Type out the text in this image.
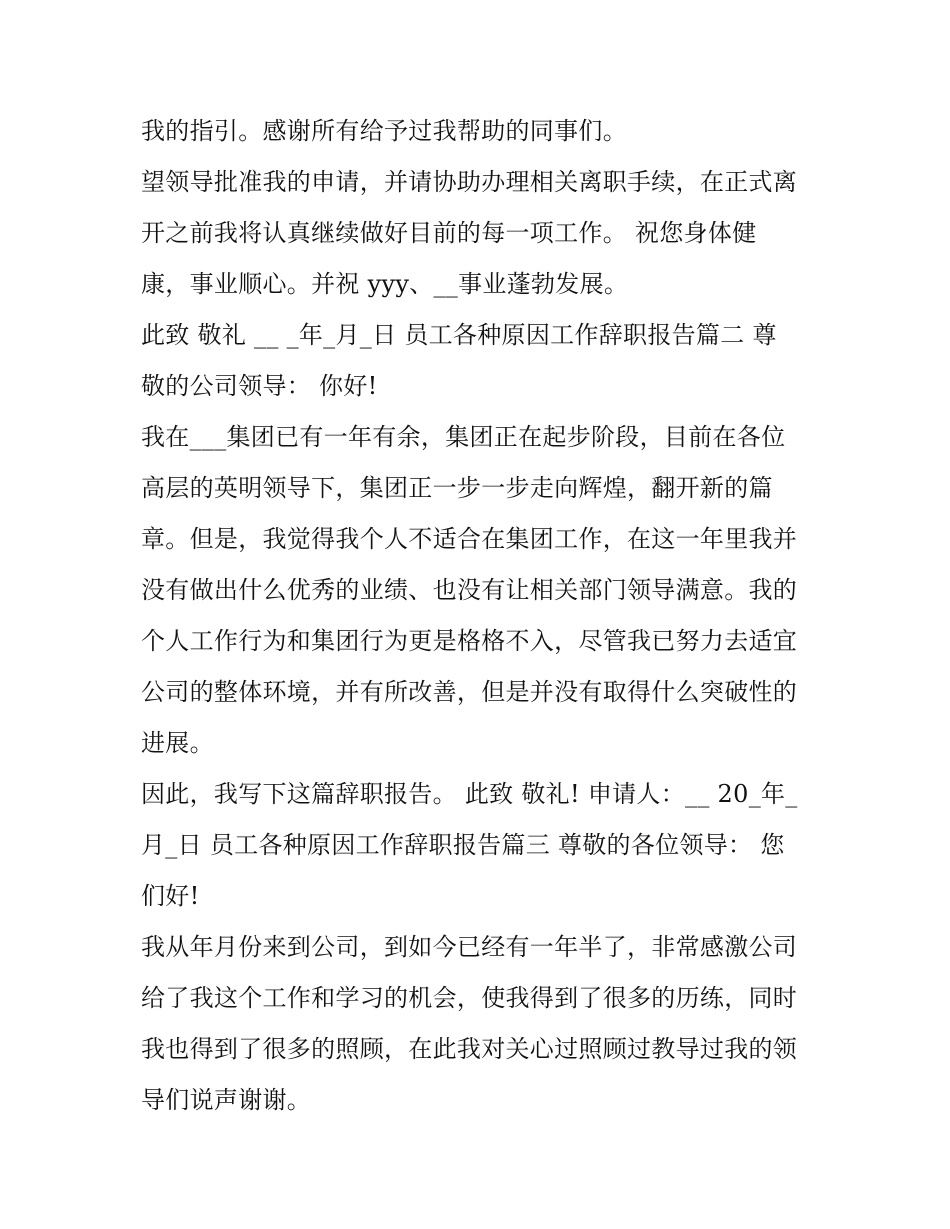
我的指引。感谢所有给予过我帮助的同事们。
望领导批准我的申请，并请协助办理相关离职手续，在正式离
开之前我将认真继续做好目前的每一项工作。 祝您身体健
康，事业顺心。并祝 yyy、__事业蓬勃发展。
此致 敬礼 __ _年_月_日 员工各种原因工作辞职报告篇二 尊
敬的公司领导： 你好!
我在___集团已有一年有余，集团正在起步阶段，目前在各位
高层的英明领导下，集团正一步一步走向辉煌，翻开新的篇
章。但是，我觉得我个人不适合在集团工作，在这一年里我并
没有做出什么优秀的业绩、也没有让相关部门领导满意。我的
个人工作行为和集团行为更是格格不入，尽管我已努力去适宜
公司的整体环境，并有所改善，但是并没有取得什么突破性的
进展。
因此，我写下这篇辞职报告。 此致 敬礼! 申请人：__ 20_年_
月_日 员工各种原因工作辞职报告篇三 尊敬的各位领导： 您
们好!
我从年月份来到公司，到如今已经有一年半了，非常感激公司
给了我这个工作和学习的机会，使我得到了很多的历练，同时
我也得到了很多的照顾，在此我对关心过照顾过教导过我的领
导们说声谢谢。
